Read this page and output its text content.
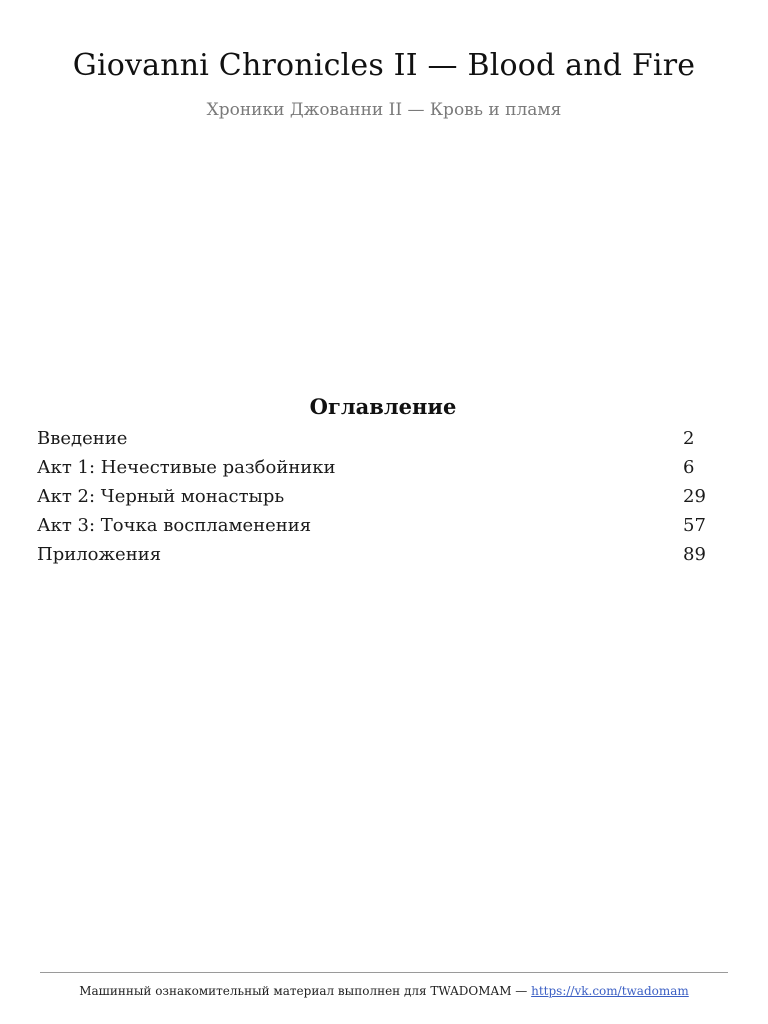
Giovanni Chronicles II — Blood and Fire
Хроники Джованни II — Кровь и пламя
Оглавление
Введение	2
Акт 1: Нечестивые разбойники	6
Акт 2: Черный монастырь	29
Акт 3: Точка воспламенения	57
Приложения	89
Машинный ознакомительный материал выполнен для TWADOMAM — https://vk.com/twadomam
